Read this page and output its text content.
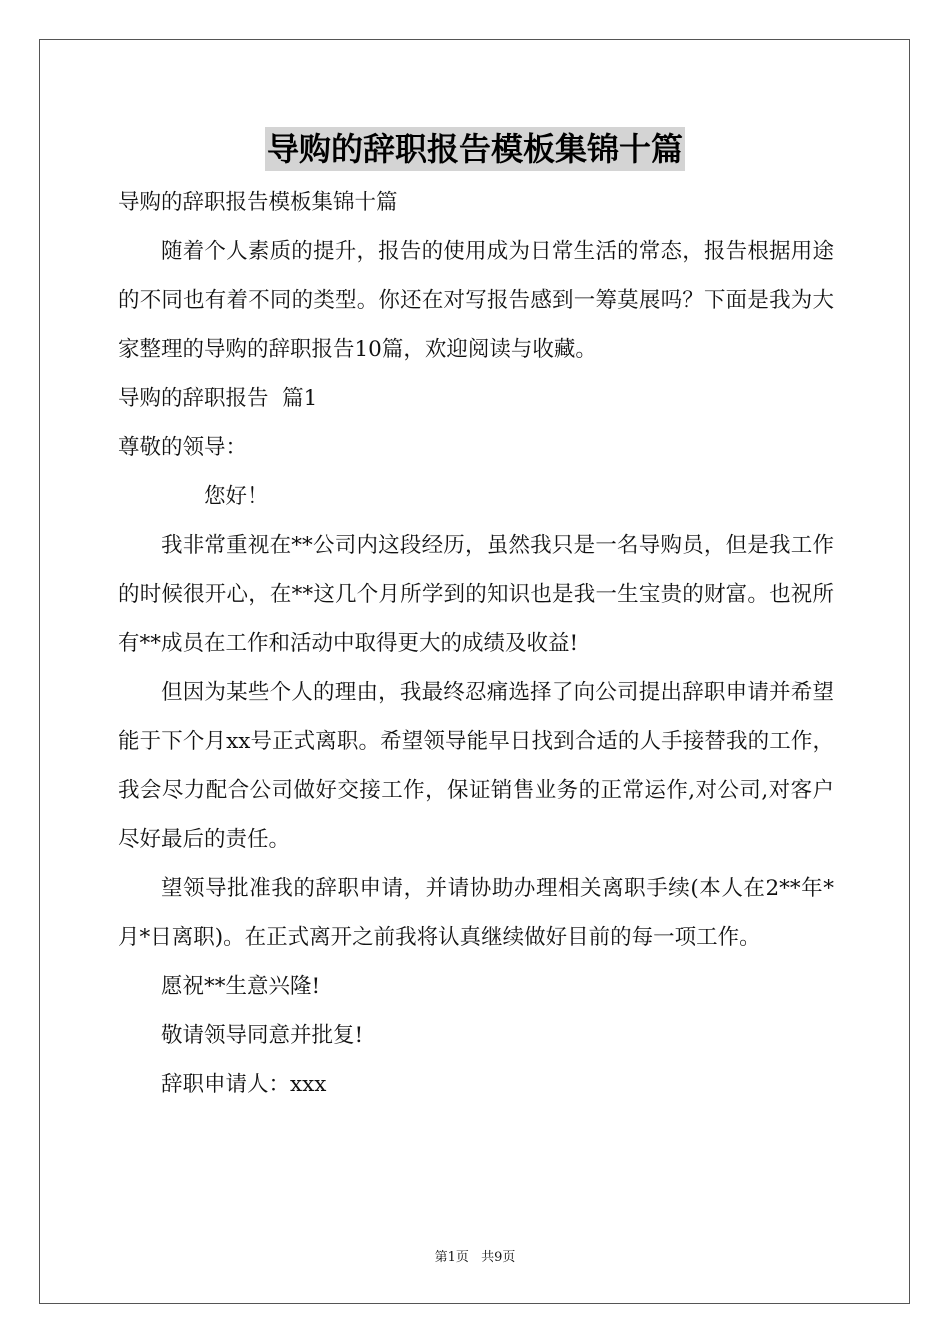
导购的辞职报告模板集锦十篇

导购的辞职报告模板集锦十篇

随着个人素质的提升，报告的使用成为日常生活的常态，报告根据用途的不同也有着不同的类型。你还在对写报告感到一筹莫展吗？下面是我为大家整理的导购的辞职报告10篇，欢迎阅读与收藏。

导购的辞职报告  篇1

尊敬的领导：

您好！

我非常重视在**公司内这段经历，虽然我只是一名导购员，但是我工作的时候很开心，在**这几个月所学到的知识也是我一生宝贵的财富。也祝所有**成员在工作和活动中取得更大的成绩及收益!

但因为某些个人的理由，我最终忍痛选择了向公司提出辞职申请并希望能于下个月xx号正式离职。希望领导能早日找到合适的人手接替我的工作，我会尽力配合公司做好交接工作，保证销售业务的正常运作,对公司,对客户尽好最后的责任。

望领导批准我的辞职申请，并请协助办理相关离职手续(本人在2**年*月*日离职)。在正式离开之前我将认真继续做好目前的每一项工作。

愿祝**生意兴隆!

敬请领导同意并批复!

辞职申请人：xxx

第1页 共9页
